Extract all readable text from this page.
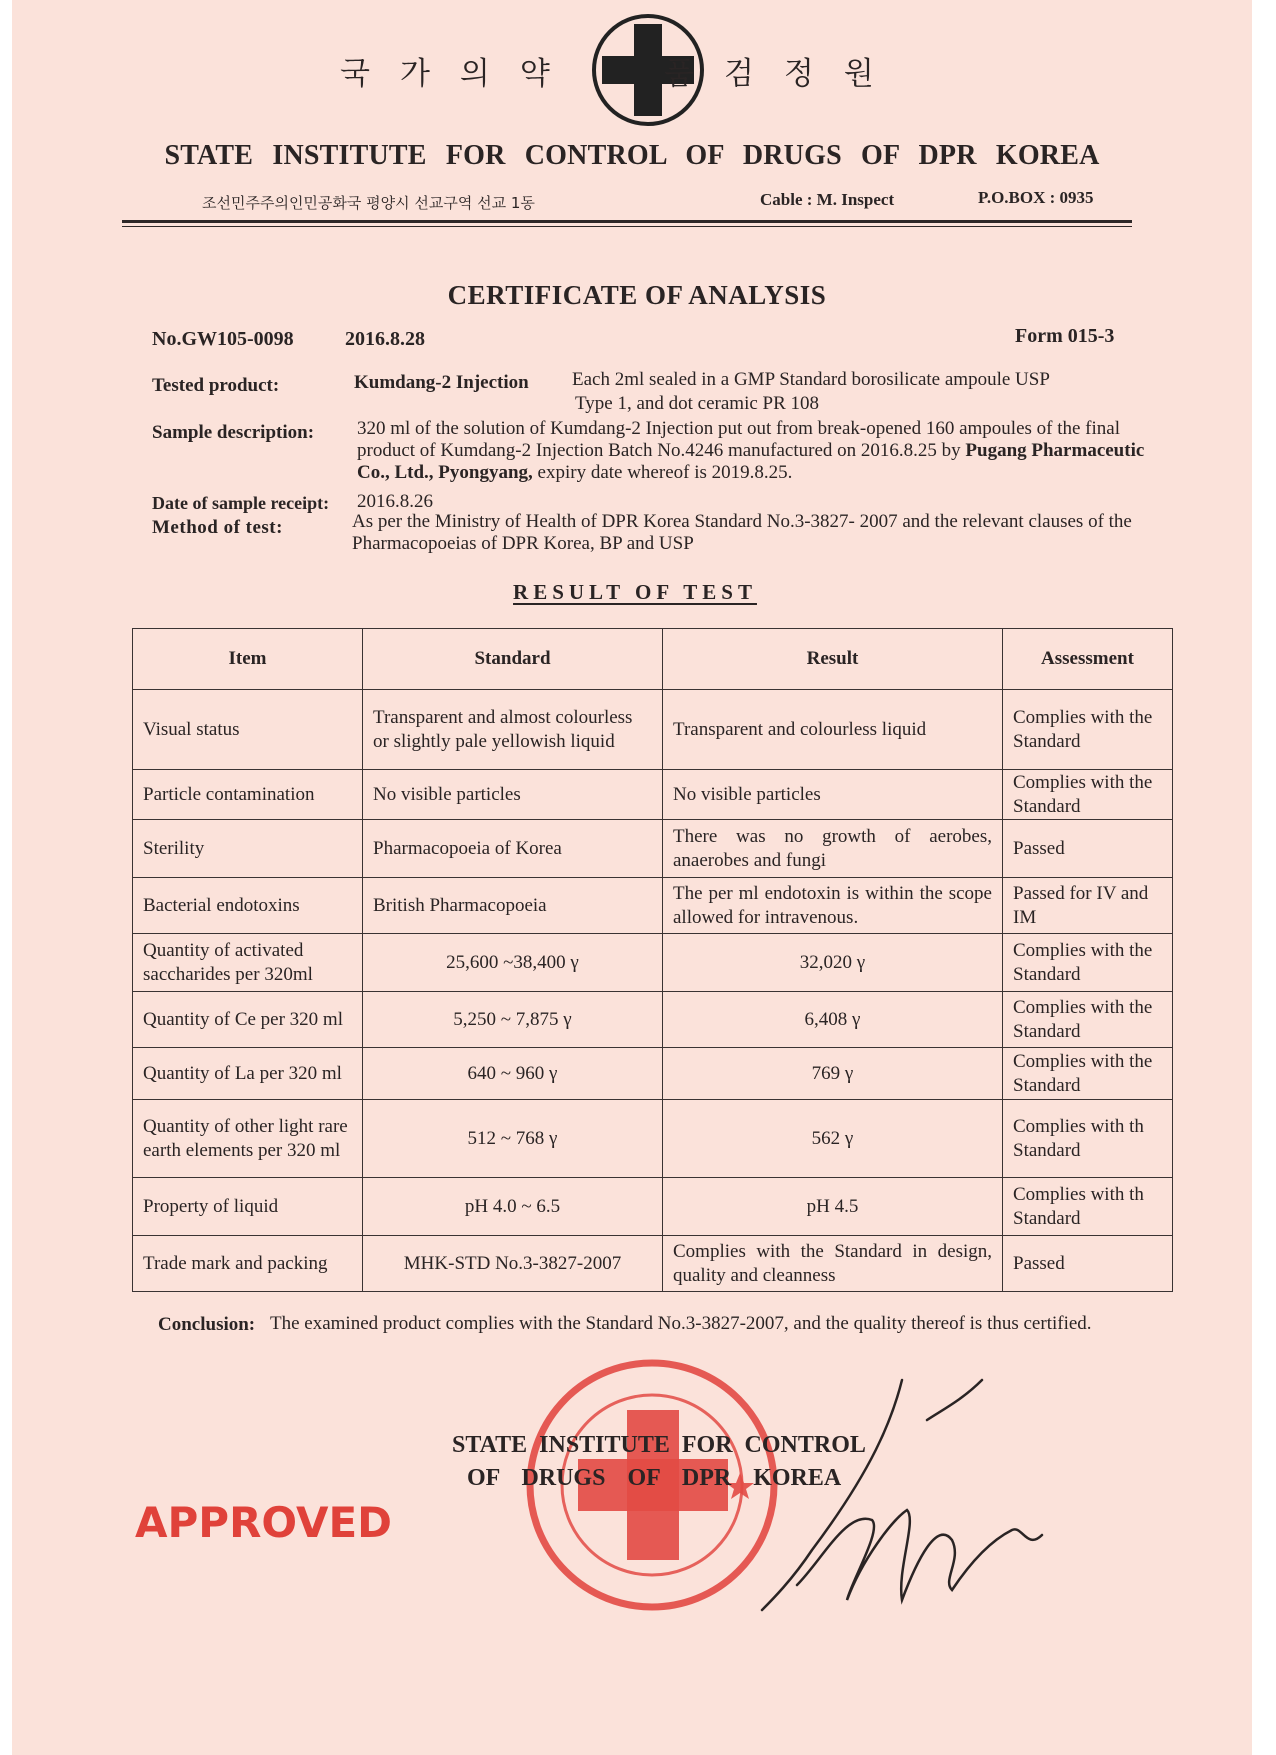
국가의약	품검정원
STATE INSTITUTE FOR CONTROL OF DRUGS OF DPR KOREA
조선민주주의인민공화국 평양시 선교구역 선교 1동	Cable : M. Inspect	P.O.BOX : 0935
CERTIFICATE OF ANALYSIS
No.GW105-0098	2016.8.28	Form 015-3
Tested product:	Kumdang-2 Injection Each 2ml sealed in a GMP Standard borosilicate ampoule USP
Type 1, and dot ceramic PR 108
Sample description: 320 ml of the solution of Kumdang-2 Injection put out from break-opened 160 ampoules of the final product of Kumdang-2 Injection Batch No.4246 manufactured on 2016.8.25 by Pugang Pharmaceutic Co., Ltd., Pyongyang, expiry date whereof is 2019.8.25.
Date of sample receipt: 2016.8.26
Method of test:	As per the Ministry of Health of DPR Korea Standard No.3-3827- 2007 and the relevant clauses of the Pharmacopoeias of DPR Korea, BP and USP
RESULT OF TEST
Item	Standard	Result	Assessment
Visual status	Transparent and almost colourless or slightly pale yellowish liquid	Transparent and colourless liquid	Complies with the Standard
Particle contamination	No visible particles	No visible particles	Complies with the Standard
Sterility	Pharmacopoeia of Korea	There was no growth of aerobes, anaerobes and fungi	Passed
Bacterial endotoxins	British Pharmacopoeia	The per ml endotoxin is within the scope allowed for intravenous.	Passed for IV and IM
Quantity of activated saccharides per 320ml	25,600 ~38,400 γ	32,020 γ	Complies with the Standard
Quantity of Ce per 320 ml	5,250 ~ 7,875 γ	6,408 γ	Complies with the Standard
Quantity of La per 320 ml	640 ~ 960 γ	769 γ	Complies with the Standard
Quantity of other light rare earth elements per 320 ml	512 ~ 768 γ	562 γ	Complies with th Standard
Property of liquid	pH 4.0 ~ 6.5	pH 4.5	Complies with th Standard
Trade mark and packing	MHK-STD No.3-3827-2007	Complies with the Standard in design, quality and cleanness	Passed
Conclusion: The examined product complies with the Standard No.3-3827-2007, and the quality thereof is thus certified.
STATE INSTITUTE FOR CONTROL
OF DRUGS OF DPR KOREA
APPROVED
